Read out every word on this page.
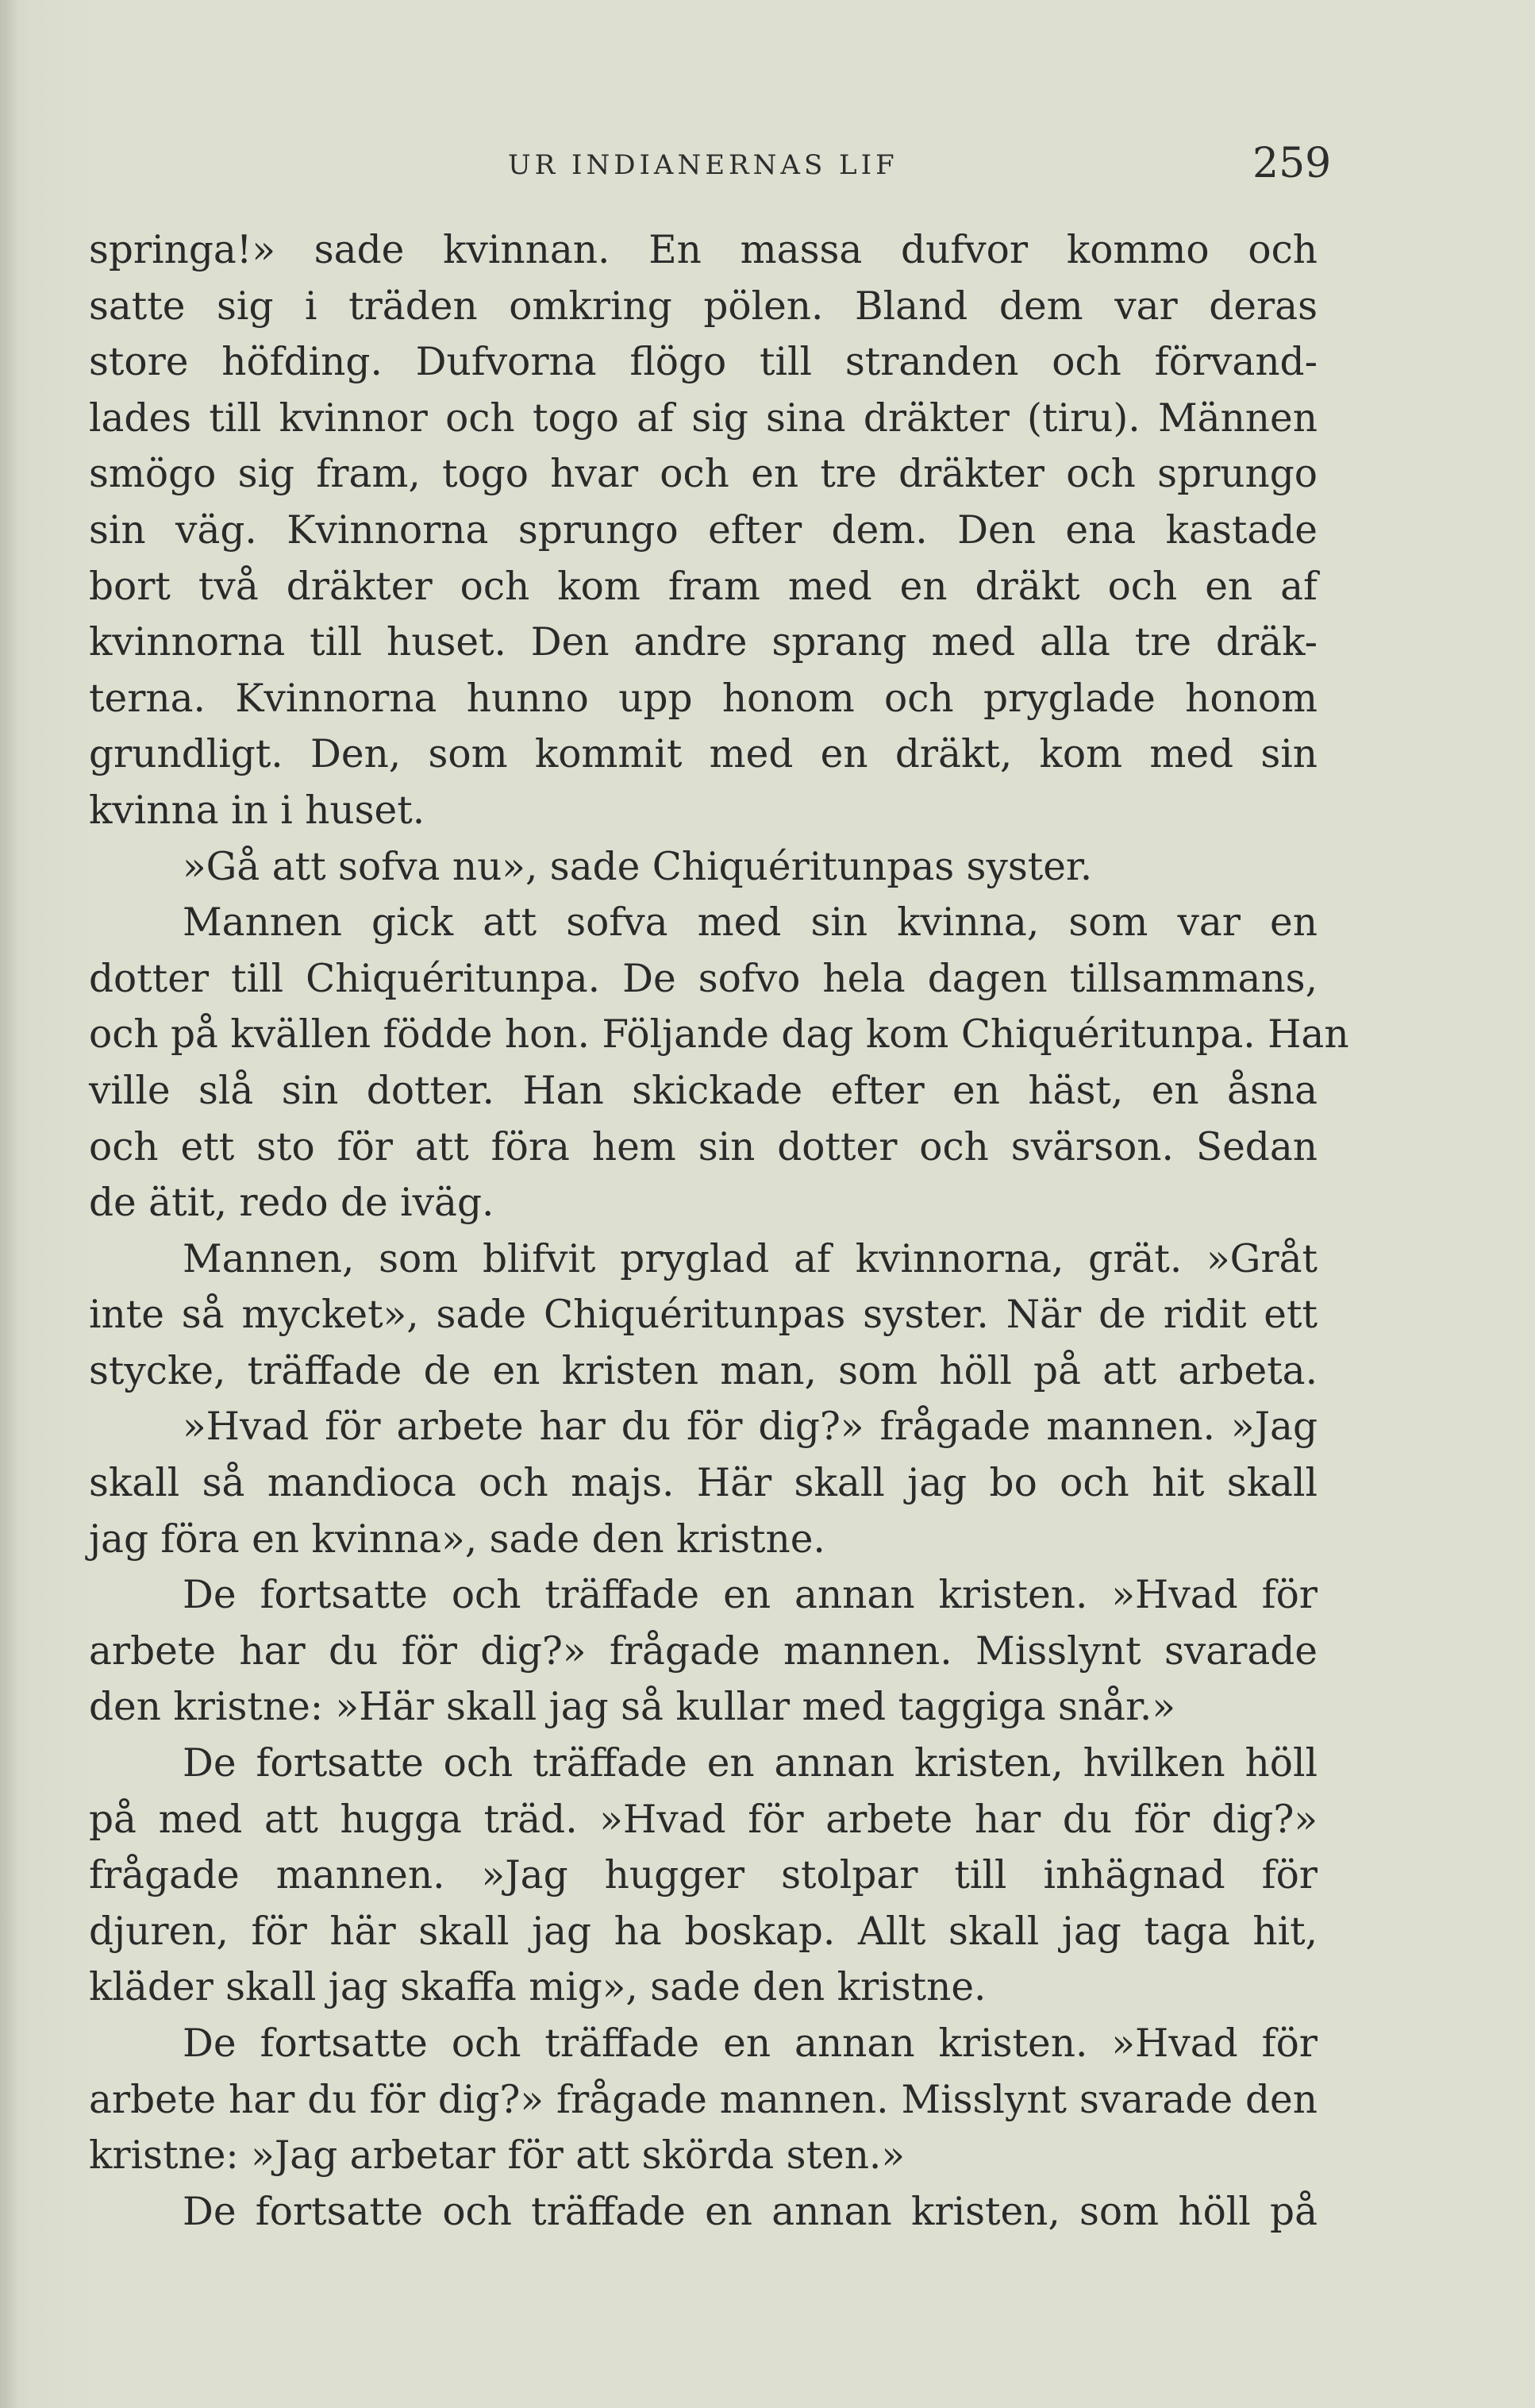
UR INDIANERNAS LIF	259
springa!» sade kvinnan. En massa dufvor kommo och
satte sig i träden omkring pölen. Bland dem var deras
store höfding. Dufvorna flögo till stranden och förvand-
lades till kvinnor och togo af sig sina dräkter (tiru). Männen
smögo sig fram, togo hvar och en tre dräkter och sprungo
sin väg. Kvinnorna sprungo efter dem. Den ena kastade
bort två dräkter och kom fram med en dräkt och en af
kvinnorna till huset. Den andre sprang med alla tre dräk-
terna. Kvinnorna hunno upp honom och pryglade honom
grundligt. Den, som kommit med en dräkt, kom med sin
kvinna in i huset.
»Gå att sofva nu», sade Chiquéritunpas syster.
Mannen gick att sofva med sin kvinna, som var en
dotter till Chiquéritunpa. De sofvo hela dagen tillsammans,
och på kvällen födde hon. Följande dag kom Chiquéritunpa. Han
ville slå sin dotter. Han skickade efter en häst, en åsna
och ett sto för att föra hem sin dotter och svärson. Sedan
de ätit, redo de iväg.
Mannen, som blifvit pryglad af kvinnorna, grät. »Gråt
inte så mycket», sade Chiquéritunpas syster. När de ridit ett
stycke, träffade de en kristen man, som höll på att arbeta.
»Hvad för arbete har du för dig?» frågade mannen. »Jag
skall så mandioca och majs. Här skall jag bo och hit skall
jag föra en kvinna», sade den kristne.
De fortsatte och träffade en annan kristen. »Hvad för
arbete har du för dig?» frågade mannen. Misslynt svarade
den kristne: »Här skall jag så kullar med taggiga snår.»
De fortsatte och träffade en annan kristen, hvilken höll
på med att hugga träd. »Hvad för arbete har du för dig?»
frågade mannen. »Jag hugger stolpar till inhägnad för
djuren, för här skall jag ha boskap. Allt skall jag taga hit,
kläder skall jag skaffa mig», sade den kristne.
De fortsatte och träffade en annan kristen. »Hvad för
arbete har du för dig?» frågade mannen. Misslynt svarade den
kristne: »Jag arbetar för att skörda sten.»
De fortsatte och träffade en annan kristen, som höll på
